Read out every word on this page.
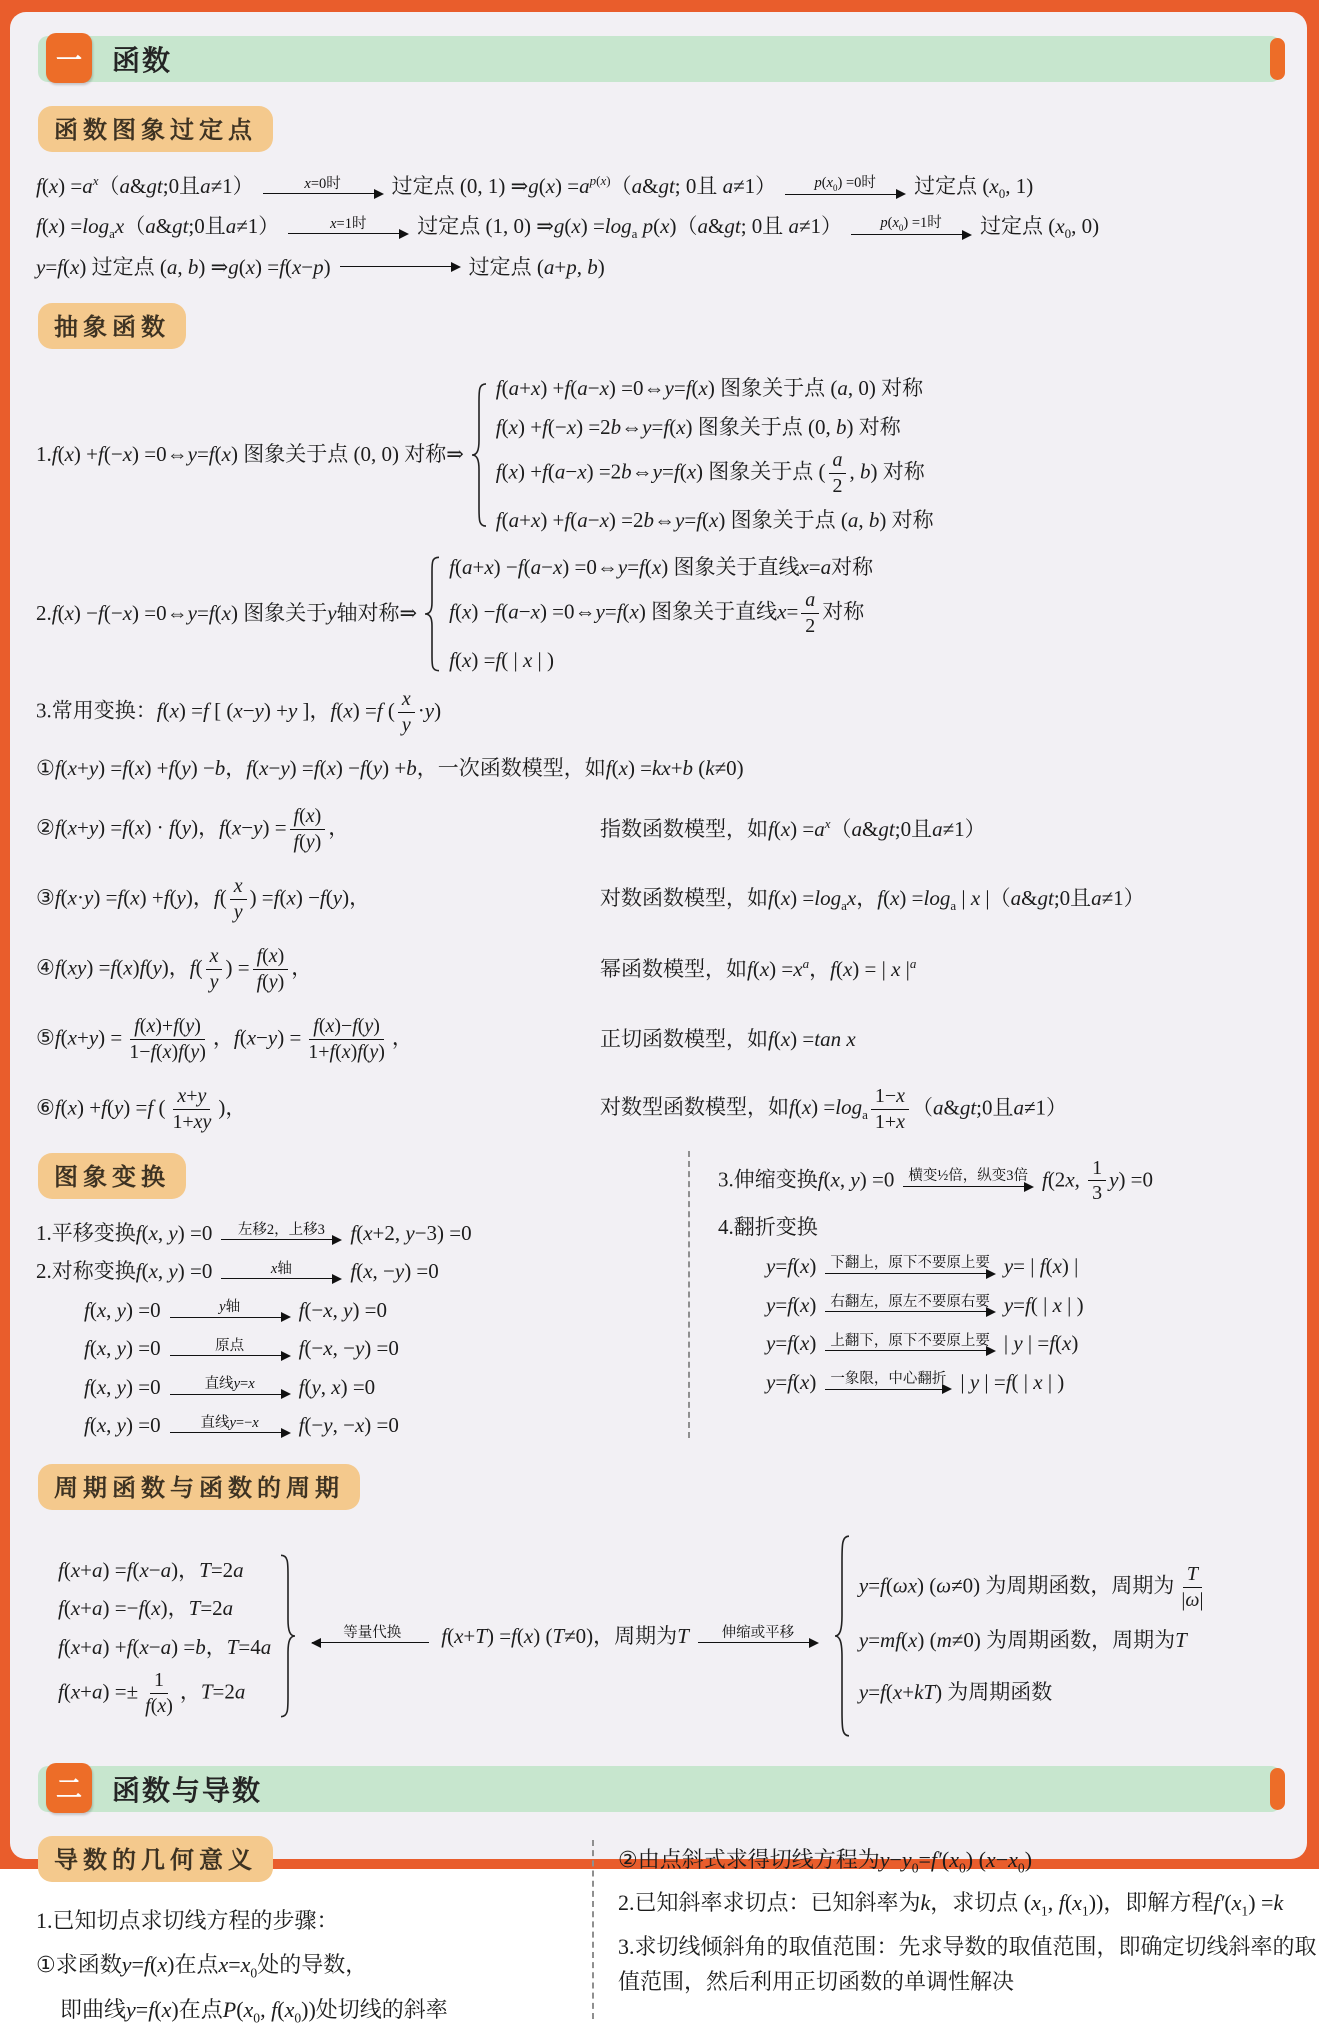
一 函数
函数图象过定点
$f(x) =a^x(a\&gt;0$且a≠1）	x=0时 过定点 (0, 1) ⇒g(x) $=a^{p(x)}(a\&gt$; 0且 a≠1）	$p(x_0) =0$时 过定点 ($x_0$, 1)
$f(x) =\log_ax(a\&gt;0$且a≠1）	x=1时 过定点 (1, 0) ⇒g(x) $=\log_a$ p(x)（a&gt; 0且 a≠1）	$p(x_0) =1$时 过定点 ($x_0$, 0)
y=f(x) 过定点 (a, b) ⇒g(x) =f(x−p)	过定点 (a+p, b)
抽象函数
1.f(x) +f(−x) =0⇔y=f(x) 图象关于点 (0, 0) 对称⇒
f(a+x) +f(a−x) =0⇔y=f(x) 图象关于点 (a, 0) 对称
f(x) +f(−x) =2b⇔y=f(x) 图象关于点 (0, b) 对称
f(x) +f(a−x) =2b⇔y=f(x) 图象关于点 ( $\frac{a}{2}$ , b) 对称
f(a+x) +f(a−x) =2b⇔y=f(x) 图象关于点 (a, b) 对称
2.f(x) −f(−x) =0⇔y=f(x) 图象关于y轴对称⇒
f(a+x) −f(a−x) =0⇔y=f(x) 图象关于直线x=a对称
f(x) −f(a−x) =0⇔y=f(x) 图象关于直线$x= \frac{a}{2}$ 对称
f(x) =f( | x | )
3.常用变换：f(x) =f [ (x−y) +y ]，f(x) =f ( $\frac{x}{y} \cdot y$)
①f(x+y) =f(x) +f(y) −b，f(x−y) =f(x) −f(y) +b，一次函数模型，如f(x) =kx+b (k≠0)
②f(x+y) =f(x) · f(y)，$f(x-y) = \frac{f(x)}{f(y)}$ ，	指数函数模型，如$f(x) =a^x(a\&gt;0$且a≠1）
③f(x·y) =f(x) +f(y)，$f( \frac{x}{y}$ ) =f(x) −f(y)，	对数函数模型，如$f(x) =\log_ax$，$f(x) =\log_a$ | x |（a&gt;0且a≠1）
④f(xy) =f(x)f(y)，$f( \frac{x}{y}$ ) = $\frac{f(x)}{f(y)}$ ，	幂函数模型，如$f(x) =x^a$，f(x) = | x $|^a$
⑤f(x+y) = $\frac{f(x)+f(y)}{1-f(x)f(y)}$ ，$f(x-y) = \frac{f(x)-f(y)}{1+f(x)f(y)}$ ，	正切函数模型，如f(x) =tan x
⑥f(x) +f(y) =f ( $\frac{x+y}{1+xy}$ )，	对数型函数模型，如$f(x) =\log_a \frac{1-x}{1+x}$ （a&gt;0且a≠1）
图象变换
1.平移变换f(x, y) =0	左移2，上移3 f(x+2, y−3) =0
2.对称变换f(x, y) =0	x轴	f(x, −y) =0
f(x, y) =0	y轴	f(−x, y) =0
f(x, y) =0	原点	f(−x, −y) =0
f(x, y) =0	直线y=x f(y, x) =0
f(x, y) =0	直线y=−x f(−y, −x) =0
3.伸缩变换f(x, y) =0 横变½倍，纵变3倍 f(2x, $\frac{1}{3} y) =0$
4.翻折变换
y=f(x) 下翻上，原下不要原上要 y= | f(x) |
y=f(x) 右翻左，原左不要原右要 y=f( | x | )
y=f(x) 上翻下，原下不要原上要 | y | =f(x)
y=f(x) 一象限，中心翻折 | y | =f( | x | )
周期函数与函数的周期
f(x+a) =f(x−a)，T=2a
f(x+a) =−f(x)，T=2a
f(x+a) +f(x−a) =b，T=4a
$f(x+a) =\pm \frac{1}{f(x)}$ ，T=2a
等量代换 f(x+T) =f(x) (T≠0)，周期为T	伸缩或平移
y=f(ωx) (ω≠0) 为周期函数，周期为 $\frac{T}{|\omega|}$
y=mf(x) (m≠0) 为周期函数，周期为T
y=f(x+kT) 为周期函数
二 函数与导数
导数的几何意义
1.已知切点求切线方程的步骤：
①求函数y=f(x)在点$x=x_0$处的导数，
即曲线y=f(x)在点$P(x_0$, $f(x_0)$)处切线的斜率
②由点斜式求得切线方程为$y-y_0=f'(x_0)$ $(x-x_0)$
2.已知斜率求切点：已知斜率为k，求切点 ($x_1$, $f(x_1)$)，即解方程$f'(x_1) =k$
3.求切线倾斜角的取值范围：先求导数的取值范围，即确定切线斜率的取值范围，然后利用正切函数的单调性解决
